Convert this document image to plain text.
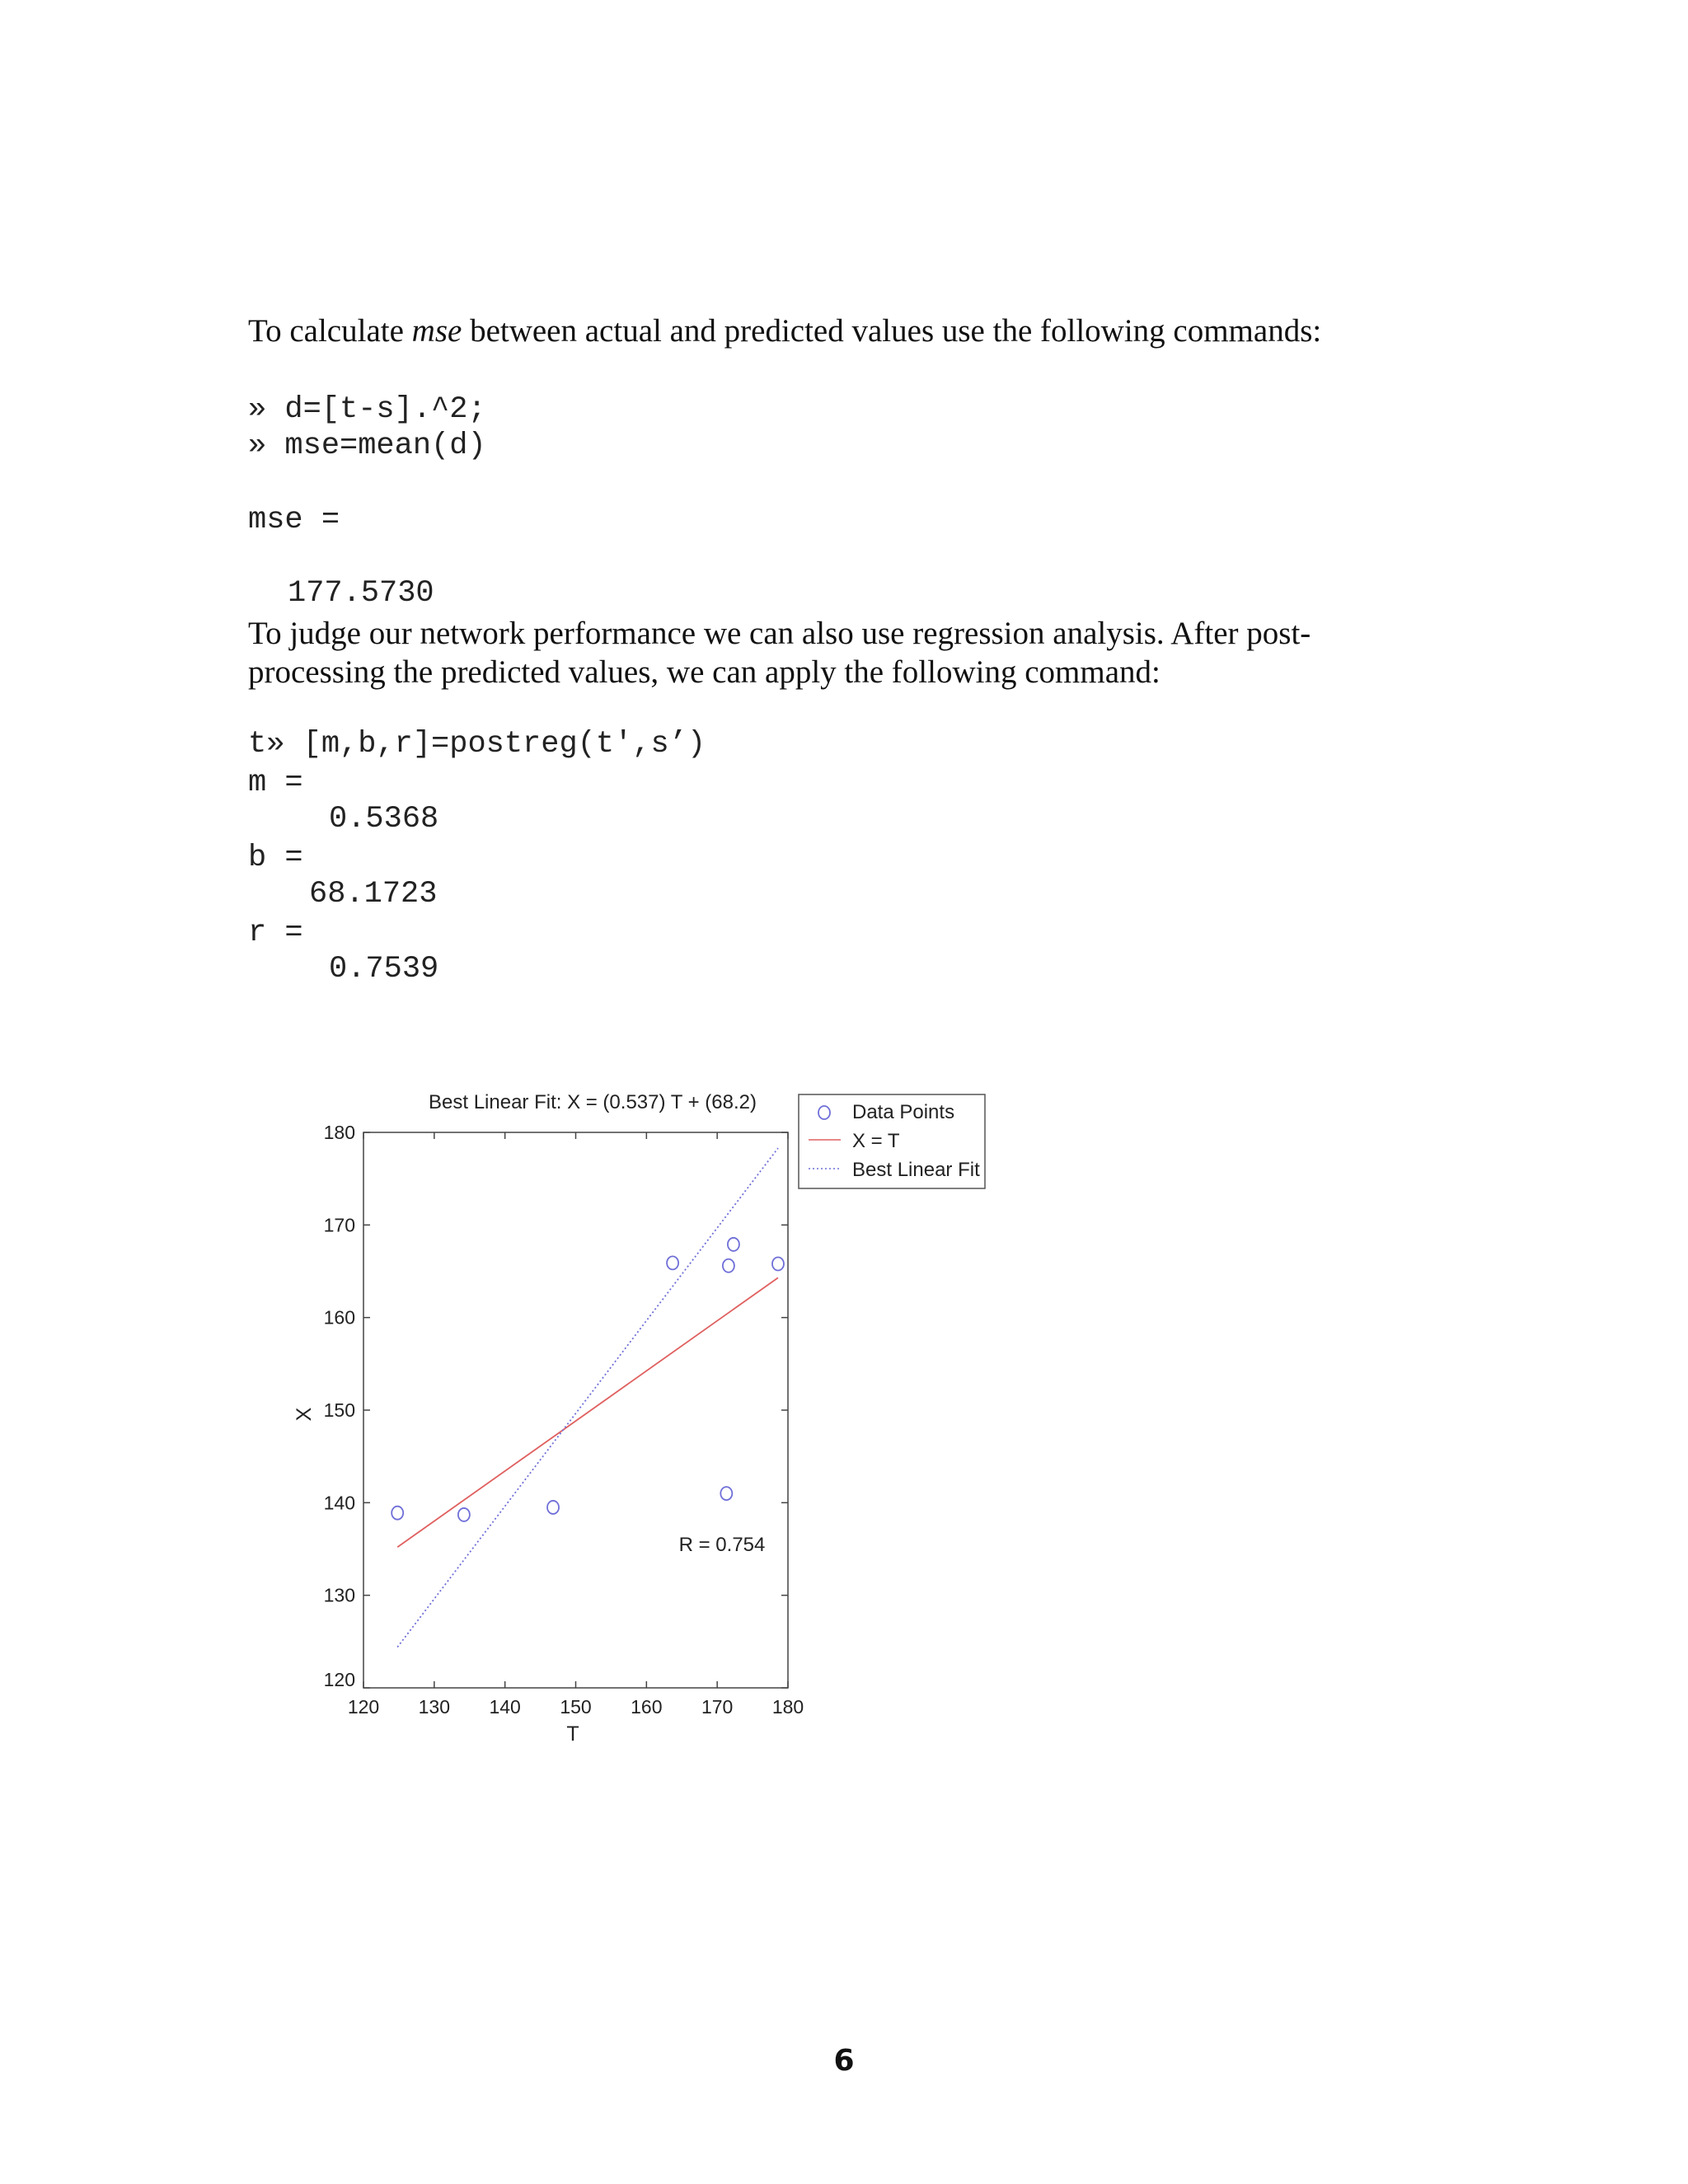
To calculate mse between actual and predicted values use the following commands:

» d=[t-s].^2;
» mse=mean(d)
mse =
177.5730
To judge our network performance we can also use regression analysis. After post-
processing the predicted values, we can apply the following command:
t» [m,b,r]=postreg(t',s’)
m =
0.5368
b =
68.1723
r =
0.7539
120 130 140 150 160 170 180
120
130
140
150
160
170
180
Best Linear Fit: X = (0.537) T + (68.2)
T
X
R = 0.754
Data Points
X = T
Best Linear Fit
6
